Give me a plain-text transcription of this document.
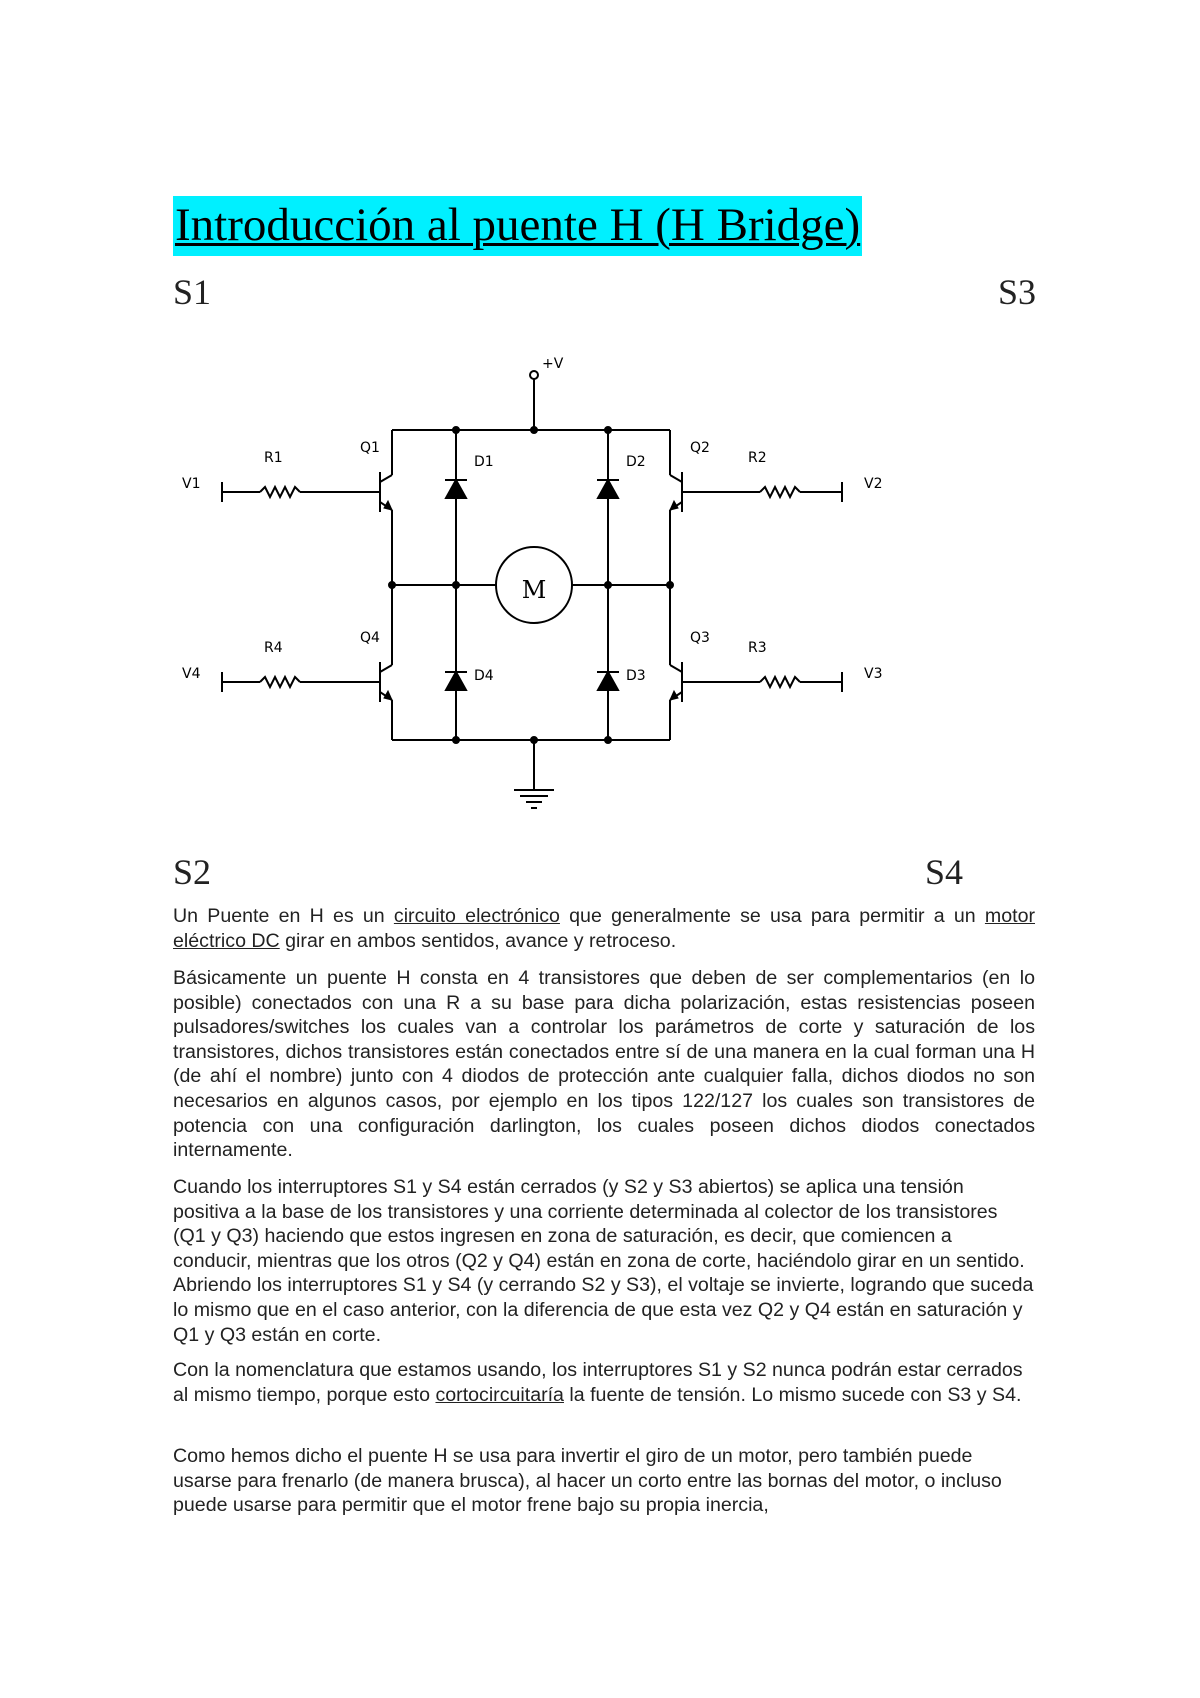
Introducción al puente H (H Bridge)
S1	S3
M
+V
Q1	Q2
Q3
Q4
D1	D2
D3
D4
R1	R2
R3
R4
V1	V2
V3
V4
S2	S4

Un Puente en H es un circuito electrónico que generalmente se usa para permitir a un motor eléctrico DC girar en ambos sentidos, avance y retroceso.

Básicamente un puente H consta en 4 transistores que deben de ser complementarios (en lo posible) conectados con una R a su base para dicha polarización, estas resistencias poseen pulsadores/switches los cuales van a controlar los parámetros de corte y saturación de los transistores, dichos transistores están conectados entre sí de una manera en la cual forman una H (de ahí el nombre) junto con 4 diodos de protección ante cualquier falla, dichos diodos no son necesarios en algunos casos, por ejemplo en los tipos 122/127 los cuales son transistores de potencia con una configuración darlington, los cuales poseen dichos diodos conectados internamente.

Cuando los interruptores S1 y S4 están cerrados (y S2 y S3 abiertos) se aplica una tensión positiva a la base de los transistores y una corriente determinada al colector de los transistores (Q1 y Q3) haciendo que estos ingresen en zona de saturación, es decir, que comiencen a conducir, mientras que los otros (Q2 y Q4) están en zona de corte, haciéndolo girar en un sentido. Abriendo los interruptores S1 y S4 (y cerrando S2 y S3), el voltaje se invierte, logrando que suceda lo mismo que en el caso anterior, con la diferencia de que esta vez Q2 y Q4 están en saturación y Q1 y Q3 están en corte.

Con la nomenclatura que estamos usando, los interruptores S1 y S2 nunca podrán estar cerrados al mismo tiempo, porque esto cortocircuitaría la fuente de tensión. Lo mismo sucede con S3 y S4.

Como hemos dicho el puente H se usa para invertir el giro de un motor, pero también puede usarse para frenarlo (de manera brusca), al hacer un corto entre las bornas del motor, o incluso puede usarse para permitir que el motor frene bajo su propia inercia,
